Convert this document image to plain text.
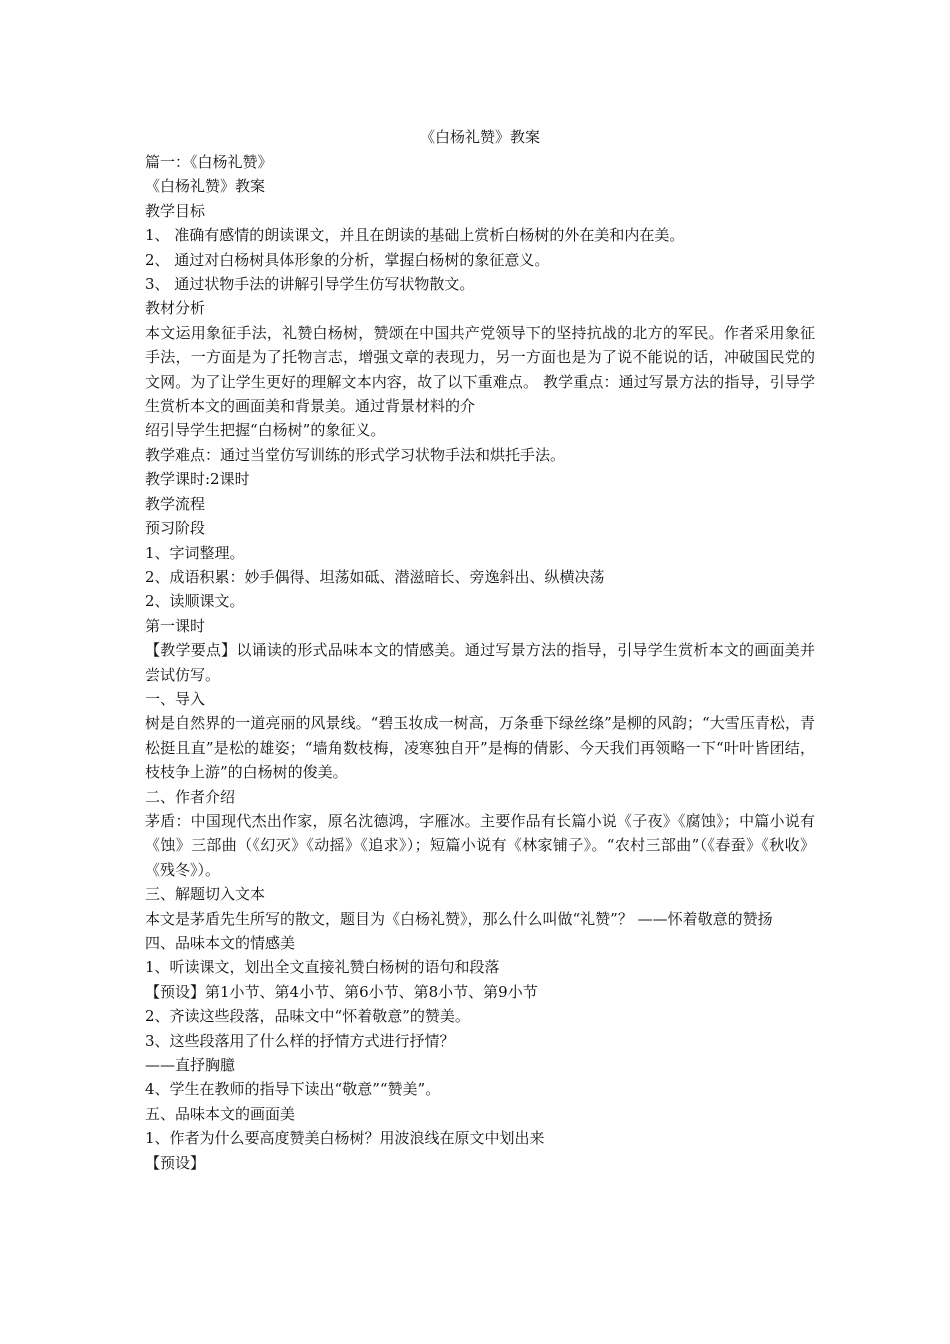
《白杨礼赞》教案
篇一：《白杨礼赞》
《白杨礼赞》教案
教学目标
1、 准确有感情的朗读课文，并且在朗读的基础上赏析白杨树的外在美和内在美。
2、 通过对白杨树具体形象的分析，掌握白杨树的象征意义。
3、 通过状物手法的讲解引导学生仿写状物散文。
教材分析
本文运用象征手法，礼赞白杨树，赞颂在中国共产党领导下的坚持抗战的北方的军民。作者采用象征手法，一方面是为了托物言志，增强文章的表现力，另一方面也是为了说不能说的话，冲破国民党的文网。为了让学生更好的理解文本内容，故了以下重难点。 教学重点：通过写景方法的指导，引导学生赏析本文的画面美和背景美。通过背景材料的介
绍引导学生把握“白杨树”的象征义。
教学难点：通过当堂仿写训练的形式学习状物手法和烘托手法。
教学课时:2课时
教学流程
预习阶段
1、字词整理。
2、成语积累：妙手偶得、坦荡如砥、潜滋暗长、旁逸斜出、纵横决荡
2、读顺课文。
第一课时
【教学要点】以诵读的形式品味本文的情感美。通过写景方法的指导，引导学生赏析本文的画面美并尝试仿写。
一、导入
树是自然界的一道亮丽的风景线。“碧玉妆成一树高，万条垂下绿丝绦”是柳的风韵；“大雪压青松，青松挺且直”是松的雄姿；“墙角数枝梅，凌寒独自开”是梅的倩影、今天我们再领略一下“叶叶皆团结，枝枝争上游”的白杨树的俊美。
二、作者介绍
茅盾：中国现代杰出作家，原名沈德鸿，字雁冰。主要作品有长篇小说《子夜》《腐蚀》；中篇小说有《蚀》三部曲（《幻灭》《动摇》《追求》）；短篇小说有《林家铺子》。“农村三部曲”（《春蚕》《秋收》《残冬》）。
三、解题切入文本
本文是茅盾先生所写的散文，题目为《白杨礼赞》，那么什么叫做“礼赞”？ ——怀着敬意的赞扬
四、品味本文的情感美
1、听读课文，划出全文直接礼赞白杨树的语句和段落
【预设】第1小节、第4小节、第6小节、第8小节、第9小节
2、齐读这些段落，品味文中“怀着敬意”的赞美。
3、这些段落用了什么样的抒情方式进行抒情？
——直抒胸臆
4、学生在教师的指导下读出“敬意”“赞美”。
五、品味本文的画面美
1、作者为什么要高度赞美白杨树？用波浪线在原文中划出来
【预设】
